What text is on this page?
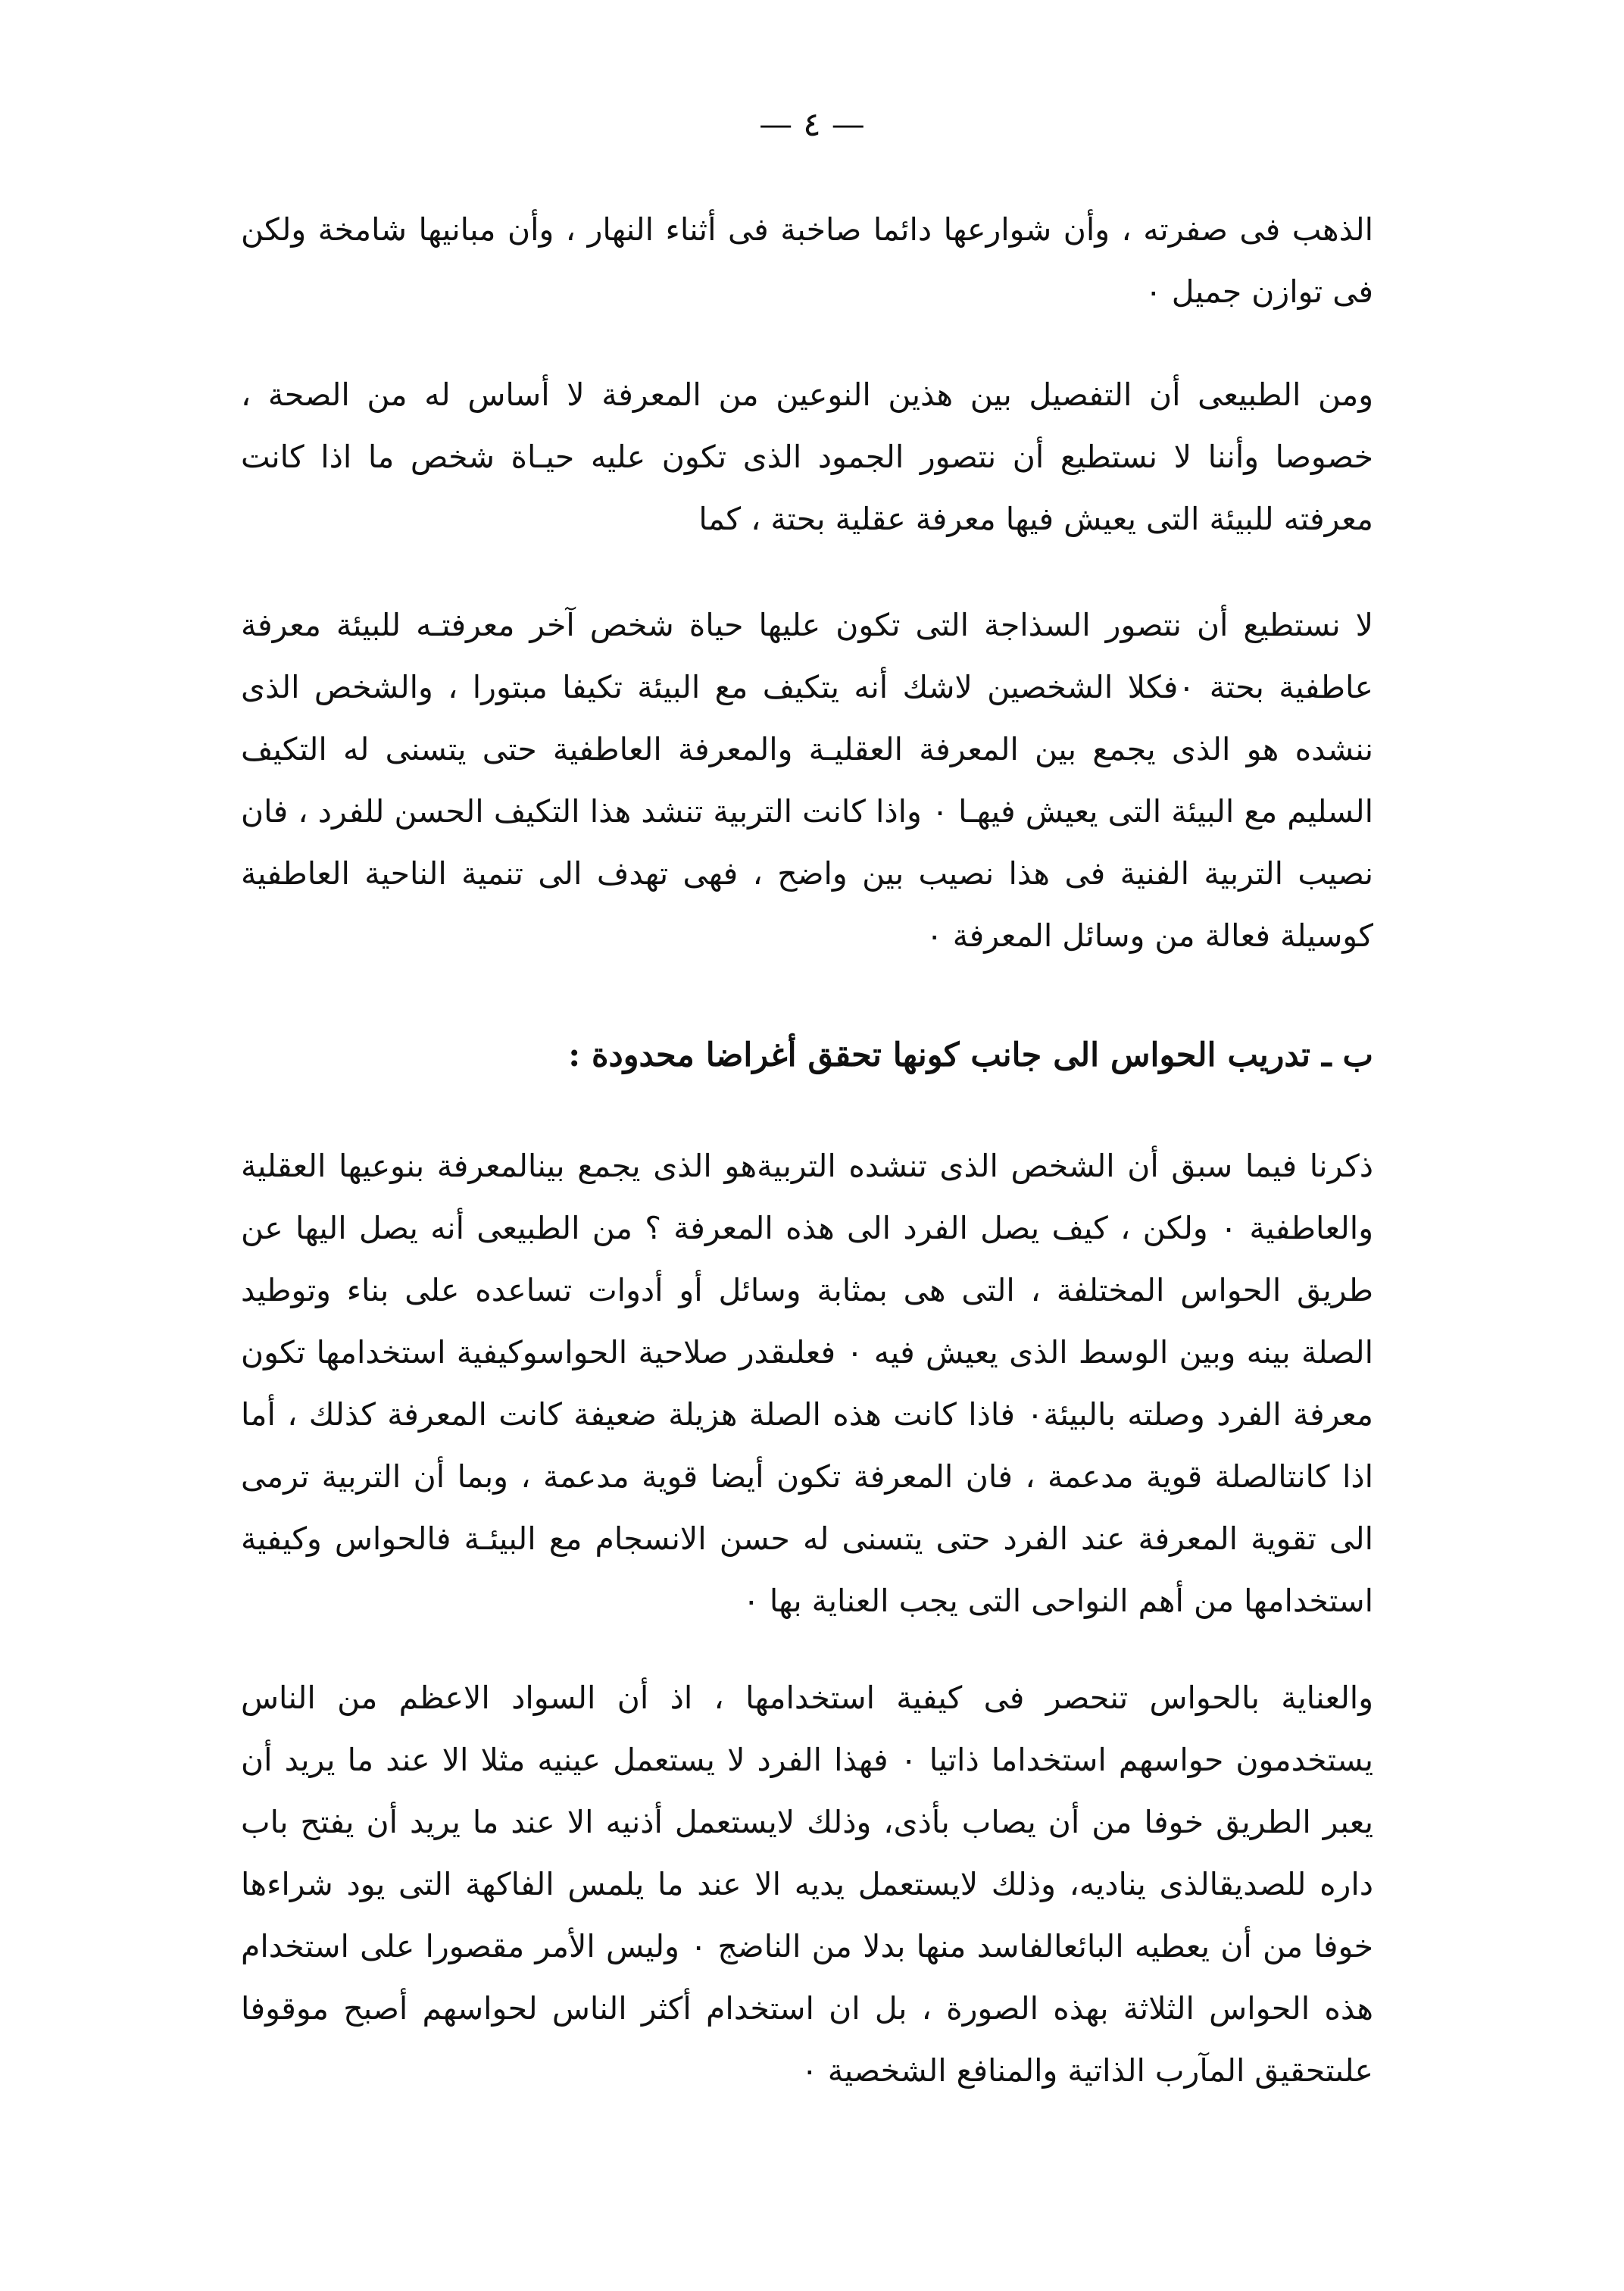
— ٤ —

الذهب فى صفرته ، وأن شوارعها دائما صاخبة فى أثناء النهار ، وأن مبانيها شامخة ولكن فى توازن جميل ٠

ومن الطبيعى أن التفصيل بين هذين النوعين من المعرفة لا أساس له من الصحة ، خصوصا وأننا لا نستطيع أن نتصور الجمود الذى تكون عليه حيـاة شخص ما اذا كانت معرفته للبيئة التى يعيش فيها معرفة عقلية بحتة ، كما

لا نستطيع أن نتصور السذاجة التى تكون عليها حياة شخص آخر معرفتـه للبيئة معرفة عاطفية بحتة ٠فكلا الشخصين لاشك أنه يتكيف مع البيئة تكيفا مبتورا ، والشخص الذى ننشده هو الذى يجمع بين المعرفة العقليـة والمعرفة العاطفية حتى يتسنى له التكيف السليم مع البيئة التى يعيش فيهـا ٠ واذا كانت التربية تنشد هذا التكيف الحسن للفرد ، فان نصيب التربية الفنية فى هذا نصيب بين واضح ، فهى تهدف الى تنمية الناحية العاطفية كوسيلة فعالة من وسائل المعرفة ٠

ب ـ تدريب الحواس الى جانب كونها تحقق أغراضا محدودة :

ذكرنا فيما سبق أن الشخص الذى تنشده التربيةهو الذى يجمع بينالمعرفة بنوعيها العقلية والعاطفية ٠ ولكن ، كيف يصل الفرد الى هذه المعرفة ؟ من الطبيعى أنه يصل اليها عن طريق الحواس المختلفة ، التى هى بمثابة وسائل أو أدوات تساعده على بناء وتوطيد الصلة بينه وبين الوسط الذى يعيش فيه ٠ فعلىقدر صلاحية الحواسوكيفية استخدامها تكون معرفة الفرد وصلته بالبيئة٠ فاذا كانت هذه الصلة هزيلة ضعيفة كانت المعرفة كذلك ، أما اذا كانتالصلة قوية مدعمة ، فان المعرفة تكون أيضا قوية مدعمة ، وبما أن التربية ترمى الى تقوية المعرفة عند الفرد حتى يتسنى له حسن الانسجام مع البيئـة فالحواس وكيفية استخدامها من أهم النواحى التى يجب العناية بها ٠

والعناية بالحواس تنحصر فى كيفية استخدامها ، اذ أن السواد الاعظم من الناس يستخدمون حواسهم استخداما ذاتيا ٠ فهذا الفرد لا يستعمل عينيه مثلا الا عند ما يريد أن يعبر الطريق خوفا من أن يصاب بأذى، وذلك لايستعمل أذنيه الا عند ما يريد أن يفتح باب داره للصديقالذى يناديه، وذلك لايستعمل يديه الا عند ما يلمس الفاكهة التى يود شراءها خوفا من أن يعطيه البائعالفاسد منها بدلا من الناضج ٠ وليس الأمر مقصورا على استخدام هذه الحواس الثلاثة بهذه الصورة ، بل ان استخدام أكثر الناس لحواسهم أصبح موقوفا علىتحقيق المآرب الذاتية والمنافع الشخصية ٠
